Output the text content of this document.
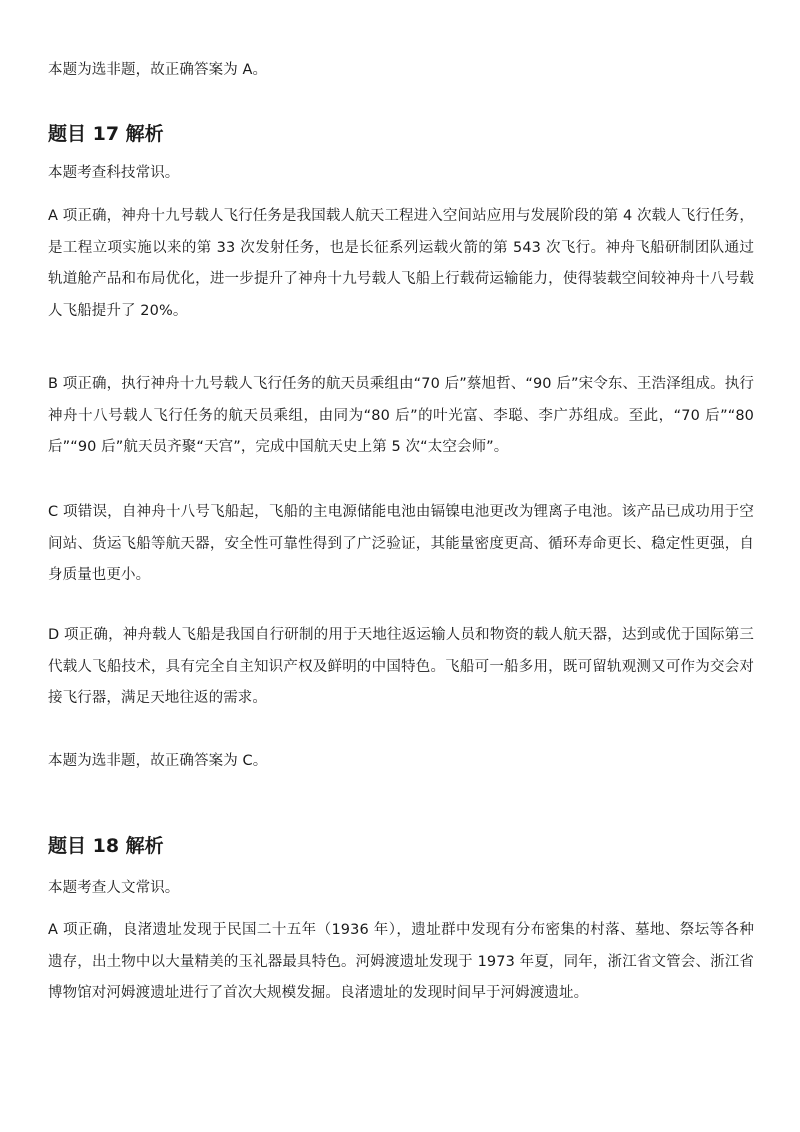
本题为选非题，故正确答案为 A。

题目 17 解析

本题考查科技常识。

A 项正确，神舟十九号载人飞行任务是我国载人航天工程进入空间站应用与发展阶段的第 4 次载人飞行任务，是工程立项实施以来的第 33 次发射任务，也是长征系列运载火箭的第 543 次飞行。神舟飞船研制团队通过轨道舱产品和布局优化，进一步提升了神舟十九号载人飞船上行载荷运输能力，使得装载空间较神舟十八号载人飞船提升了 20%。

B 项正确，执行神舟十九号载人飞行任务的航天员乘组由“70 后”蔡旭哲、“90 后”宋令东、王浩泽组成。执行神舟十八号载人飞行任务的航天员乘组，由同为“80 后”的叶光富、李聪、李广苏组成。至此，“70 后”“80 后”“90 后”航天员齐聚“天宫”，完成中国航天史上第 5 次“太空会师”。

C 项错误，自神舟十八号飞船起，飞船的主电源储能电池由镉镍电池更改为锂离子电池。该产品已成功用于空间站、货运飞船等航天器，安全性可靠性得到了广泛验证，其能量密度更高、循环寿命更长、稳定性更强，自身质量也更小。

D 项正确，神舟载人飞船是我国自行研制的用于天地往返运输人员和物资的载人航天器，达到或优于国际第三代载人飞船技术，具有完全自主知识产权及鲜明的中国特色。飞船可一船多用，既可留轨观测又可作为交会对接飞行器，满足天地往返的需求。

本题为选非题，故正确答案为 C。

题目 18 解析

本题考查人文常识。

A 项正确，良渚遗址发现于民国二十五年（1936 年），遗址群中发现有分布密集的村落、墓地、祭坛等各种遗存，出土物中以大量精美的玉礼器最具特色。河姆渡遗址发现于 1973 年夏，同年，浙江省文管会、浙江省博物馆对河姆渡遗址进行了首次大规模发掘。良渚遗址的发现时间早于河姆渡遗址。
